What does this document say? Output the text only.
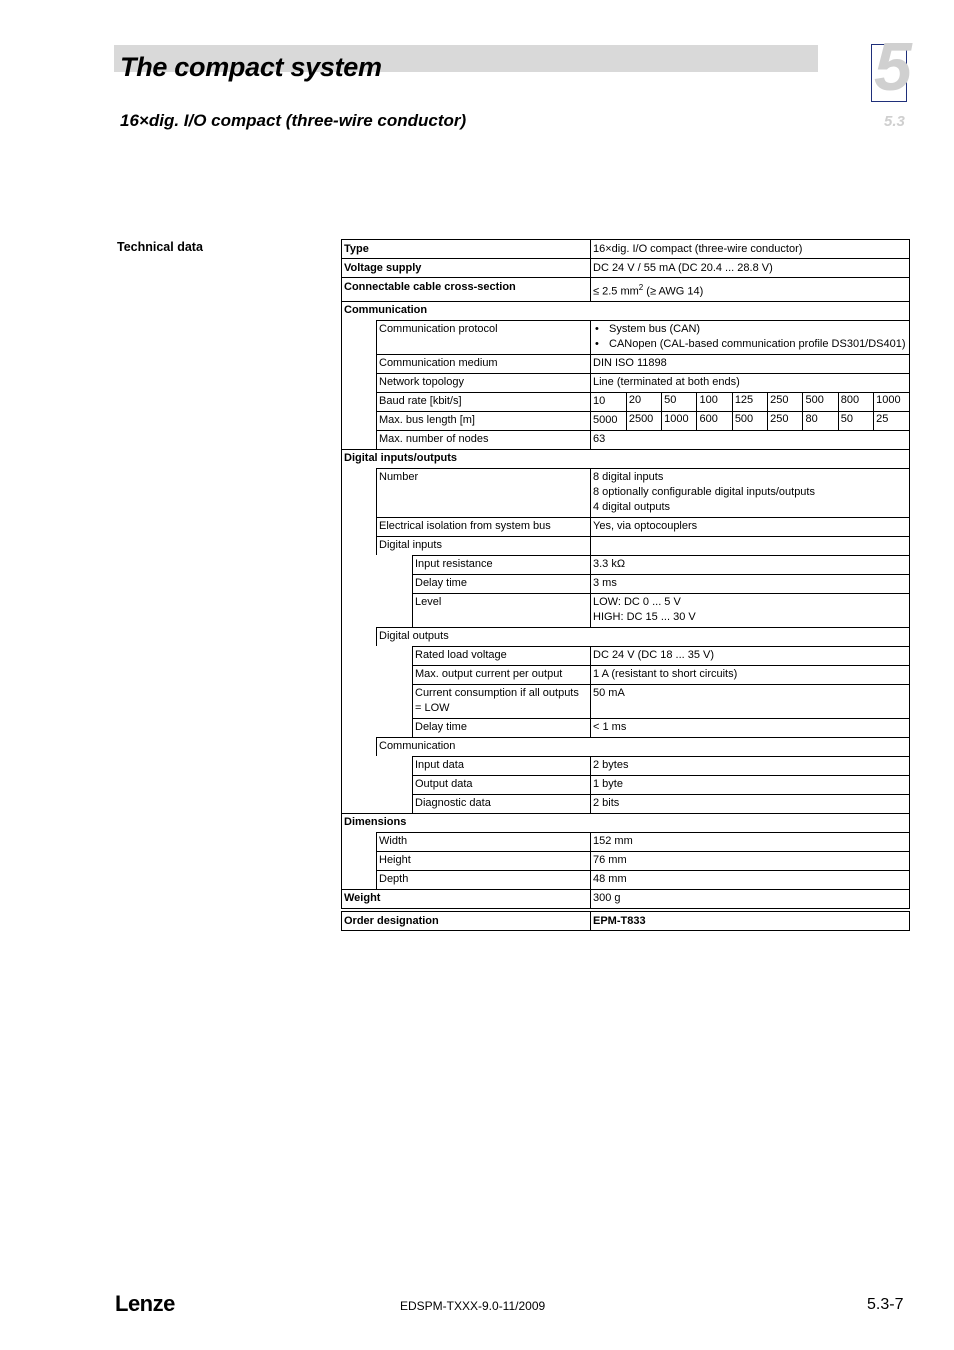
The compact system
16×dig. I/O compact (three-wire conductor)
5
5.3
Technical data	Type	16×dig. I/O compact (three-wire conductor)
Voltage supply	DC 24 V / 55 mA (DC 20.4 ... 28.8 V)
Connectable cable cross-section	≤ 2.5 $mm^2$ (≥ AWG 14)
Communication
	Communication protocol	
•System bus (CAN)
• CANopen (CAL-based communication profile DS301/DS401)

	Communication medium	DIN ISO 11898
	Network topology	Line (terminated at both ends)
	Baud rate [kbit/s]		10	20	50	100	125	250	500	800	1000

	Max. bus length [m]		5000	2500	1000	600	500	250	80	50	25

	Max. number of nodes	63
Digital inputs/outputs
	Number	8 digital inputs
8 optionally configurable digital inputs/outputs
4 digital outputs

	Electrical isolation from system bus	Yes, via optocouplers
	Digital inputs	
		Input resistance	3.3 kΩ
		Delay time	3 ms
		Level	LOW: DC 0 ... 5 V
HIGH: DC 15 ... 30 V

	Digital outputs
		Rated load voltage	DC 24 V (DC 18 ... 35 V)
		Max. output current per output	1 A (resistant to short circuits)
		Current consumption if all outputs = LOW	50 mA
		Delay time	< 1 ms
	Communication
		Input data	2 bytes
		Output data	1 byte
		Diagnostic data	2 bits
Dimensions
	Width	152 mm
	Height	76 mm
	Depth	48 mm
Weight	300 g
Order designation	EPM-T833
Lenze	EDSPM-TXXX-9.0-11/2009	5.3-7
